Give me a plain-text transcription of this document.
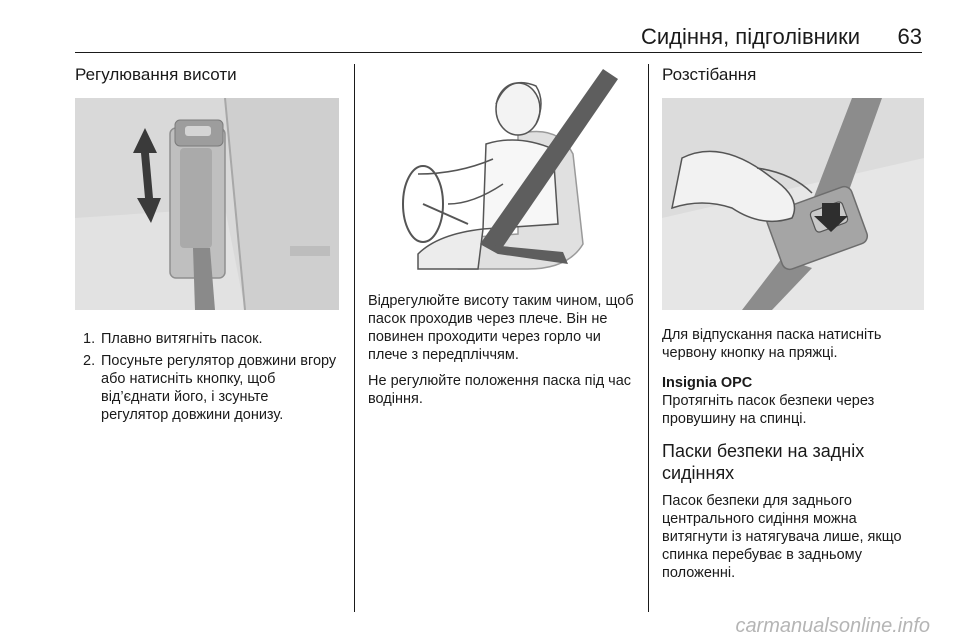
Сидіння, підголівники 63
Регулювання висоти
1. Плавно витягніть пасок.
2. Посуньте регулятор довжини вгору або натисніть кнопку, щоб від’єднати його, і зсуньте регулятор довжини донизу.

Відрегулюйте висоту таким чином, щоб пасок проходив через плече. Він не повинен проходити через горло чи плече з передпліччям.

Не регулюйте положення паска під час водіння.

Розстібання

Для відпускання паска натисніть червону кнопку на пряжці.

Insignia OPC

Протягніть пасок безпеки через провушину на спинці.

Паски безпеки на задніх сидіннях

Пасок безпеки для заднього центрального сидіння можна витягнути із натягувача лише, якщо спинка перебуває в задньому положенні.

carmanualsonline.info
